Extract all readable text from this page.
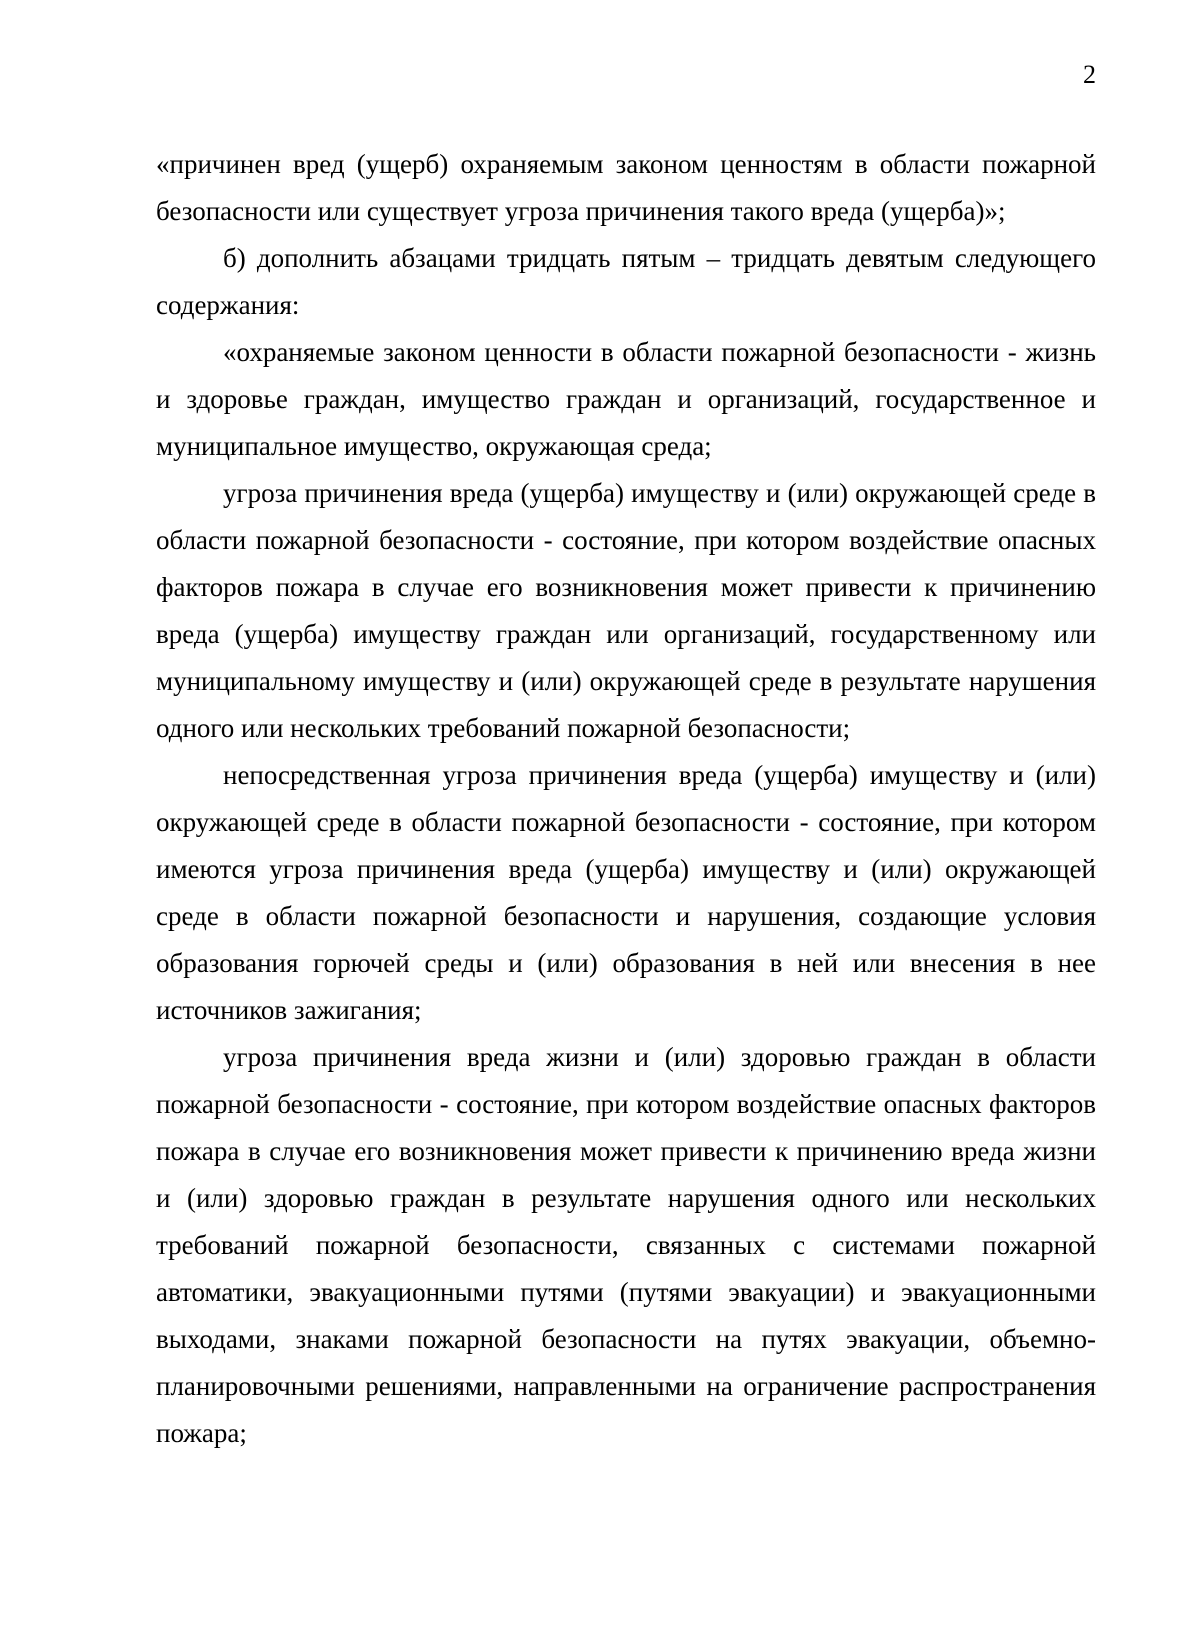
2

«причинен вред (ущерб) охраняемым законом ценностям в области пожарной безопасности или существует угроза причинения такого вреда (ущерба)»;

б) дополнить абзацами тридцать пятым – тридцать девятым следующего содержания:

«охраняемые законом ценности в области пожарной безопасности - жизнь и здоровье граждан, имущество граждан и организаций, государственное и муниципальное имущество, окружающая среда;

угроза причинения вреда (ущерба) имуществу и (или) окружающей среде в области пожарной безопасности - состояние, при котором воздействие опасных факторов пожара в случае его возникновения может привести к причинению вреда (ущерба) имуществу граждан или организаций, государственному или муниципальному имуществу и (или) окружающей среде в результате нарушения одного или нескольких требований пожарной безопасности;

непосредственная угроза причинения вреда (ущерба) имуществу и (или) окружающей среде в области пожарной безопасности - состояние, при котором имеются угроза причинения вреда (ущерба) имуществу и (или) окружающей среде в области пожарной безопасности и нарушения, создающие условия образования горючей среды и (или) образования в ней или внесения в нее источников зажигания;

угроза причинения вреда жизни и (или) здоровью граждан в области пожарной безопасности - состояние, при котором воздействие опасных факторов пожара в случае его возникновения может привести к причинению вреда жизни и (или) здоровью граждан в результате нарушения одного или нескольких требований пожарной безопасности, связанных с системами пожарной автоматики, эвакуационными путями (путями эвакуации) и эвакуационными выходами, знаками пожарной безопасности на путях эвакуации, объемно-планировочными решениями, направленными на ограничение распространения пожара;
